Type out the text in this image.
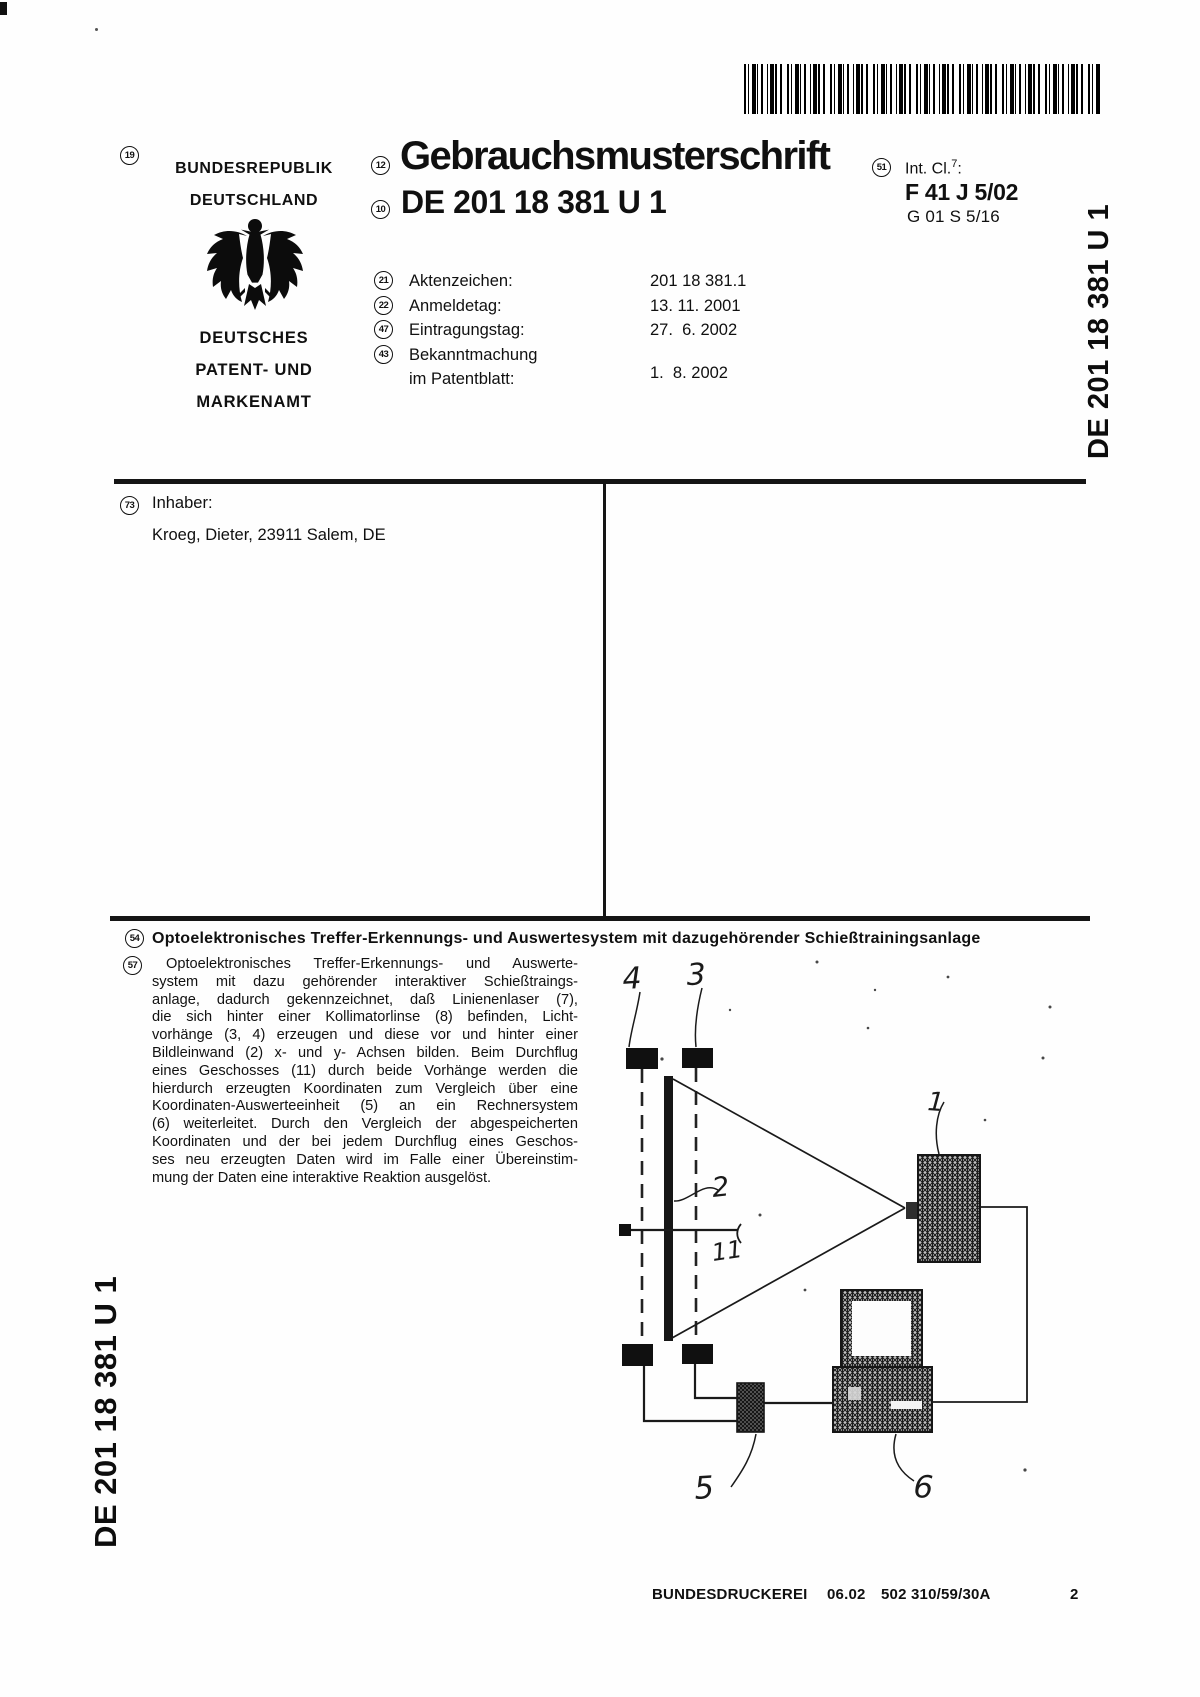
19
BUNDESREPUBLIK
DEUTSCHLAND
DEUTSCHES
PATENT- UND
MARKENAMT
12 Gebrauchsmusterschrift
10 DE 201 18 381 U 1
51 Int. Cl.$^7$:
F 41 J 5/02
G 01 S 5/16
21 Aktenzeichen:	201 18 381.1
22 Anmeldetag:	13. 11. 2001
47 Eintragungstag:	27.  6. 2002
43 Bekanntmachung
im Patentblatt:	1.  8. 2002	DE 201 18 381 U 1
DE 201 18 381 U 1
73 Inhaber:
Kroeg, Dieter, 23911 Salem, DE
54 Optoelektronisches Treffer-Erkennungs- und Auswertesystem mit dazugehörender Schießtrainingsanlage
57	Optoelektronisches Treffer-Erkennungs- und Auswerte-
system mit dazu gehörender interaktiver Schießtraings-
anlage, dadurch gekennzeichnet, daß Linienenlaser (7),
die sich hinter einer Kollimatorlinse (8) befinden, Licht-
vorhänge (3, 4) erzeugen und diese vor und hinter einer
Bildleinwand (2) x- und y- Achsen bilden. Beim Durchflug
eines Geschosses (11) durch beide Vorhänge werden die
hierdurch erzeugten Koordinaten zum Vergleich über eine
Koordinaten-Auswerteeinheit (5) an ein Rechnersystem
(6) weiterleitet. Durch den Vergleich der abgespeicherten
Koordinaten und der bei jedem Durchflug eines Geschos-
ses neu erzeugten Daten wird im Falle einer Übereinstim-
mung der Daten eine interaktive Reaktion ausgelöst.
4 3
1
2
11
5	6
BUNDESDRUCKEREI 06.02 502 310/59/30A	2
